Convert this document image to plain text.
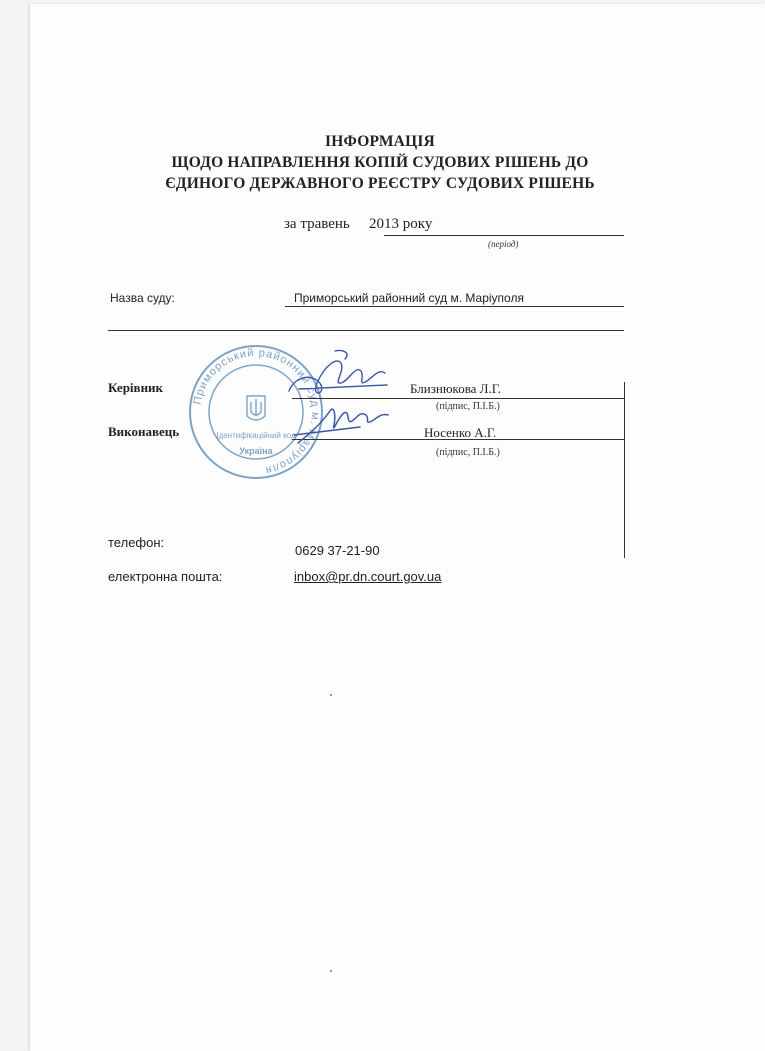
ІНФОРМАЦІЯ
ЩОДО НАПРАВЛЕННЯ КОПІЙ СУДОВИХ РІШЕНЬ ДО
ЄДИНОГО ДЕРЖАВНОГО РЕЄСТРУ СУДОВИХ РІШЕНЬ
за травень 2013 року
(період)
Назва суду:	Приморський районний суд м. Маріуполя
Приморський районний суд м. Маріуполя
Ідентифікаційний код
Україна
Керівник	Близнюкова Л.Г.
(підпис, П.І.Б.)
Виконавець	Носенко А.Г.
(підпис, П.І.Б.)
телефон:
0629 37-21-90
електронна пошта:	inbox@pr.dn.court.gov.ua
